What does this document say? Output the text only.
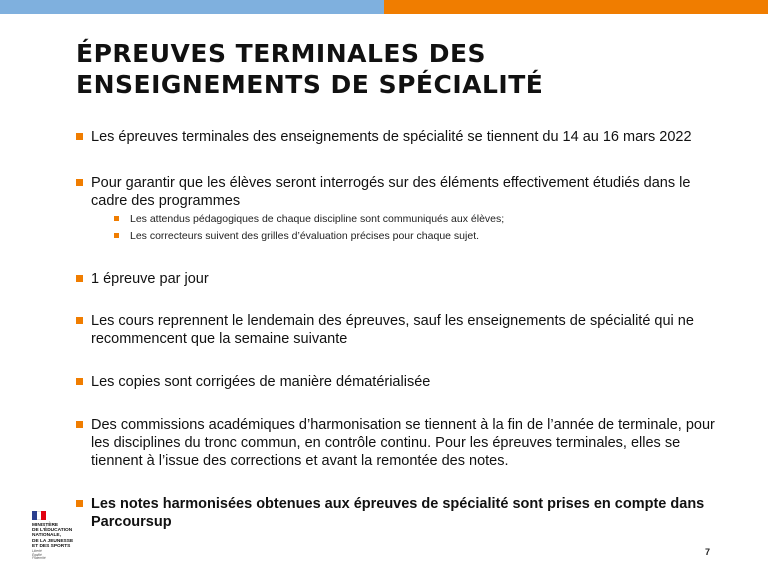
ÉPREUVES TERMINALES DES
ENSEIGNEMENTS DE SPÉCIALITÉ
Les épreuves terminales des enseignements de spécialité se tiennent du 14 au 16 mars 2022
Pour garantir que les élèves seront interrogés sur des éléments effectivement étudiés dans le cadre des programmes
Les attendus pédagogiques de chaque discipline sont communiqués aux élèves;
Les correcteurs suivent des grilles d’évaluation précises pour chaque sujet.
1 épreuve par jour
Les cours reprennent le lendemain des épreuves, sauf les enseignements de spécialité qui ne recommencent que la semaine suivante
Les copies sont corrigées de manière dématérialisée
Des commissions académiques d’harmonisation se tiennent à la fin de l’année de terminale, pour les disciplines du tronc commun, en contrôle continu. Pour les épreuves terminales, elles se tiennent à l’issue des corrections et avant la remontée des notes.
Les notes harmonisées obtenues aux épreuves de spécialité sont prises en compte dans Parcoursup
MINISTÈRE
DE L’ÉDUCATION
NATIONALE,
DE LA JEUNESSE
ET DES SPORTS
Liberté
Égalité
Fraternité
7
